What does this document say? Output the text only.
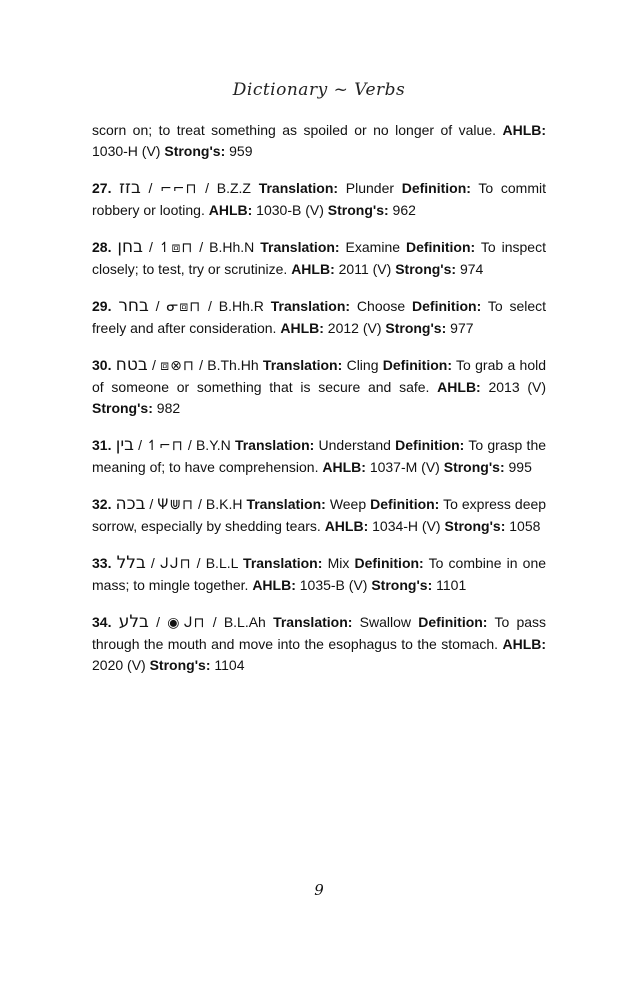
Dictionary ~ Verbs

scorn on; to treat something as spoiled or no longer of value. AHLB: 1030-H (V) Strong's: 959

27. בזז / ⌐⌐⊓ / B.Z.Z Translation: Plunder Definition: To commit robbery or looting. AHLB: 1030-B (V) Strong's: 962

28. בחן / ↿⧈⊓ / B.Hh.N Translation: Examine Definition: To inspect closely; to test, try or scrutinize. AHLB: 2011 (V) Strong's: 974

29. בחר / ᓂ⧈⊓ / B.Hh.R Translation: Choose Definition: To select freely and after consideration. AHLB: 2012 (V) Strong's: 977

30. בטח / ⧈⊗⊓ / B.Th.Hh Translation: Cling Definition: To grab a hold of someone or something that is secure and safe. AHLB: 2013 (V) Strong's: 982

31. בין / ↿⌐⊓ / B.Y.N Translation: Understand Definition: To grasp the meaning of; to have comprehension. AHLB: 1037-M (V) Strong's: 995

32. בכה / Ψ⋓⊓ / B.K.H Translation: Weep Definition: To express deep sorrow, especially by shedding tears. AHLB: 1034-H (V) Strong's: 1058

33. בלל / ᒍᒍ⊓ / B.L.L Translation: Mix Definition: To combine in one mass; to mingle together. AHLB: 1035-B (V) Strong's: 1101

34. בלע / ◉ᒍ⊓ / B.L.Ah Translation: Swallow Definition: To pass through the mouth and move into the esophagus to the stomach. AHLB: 2020 (V) Strong's: 1104

9
